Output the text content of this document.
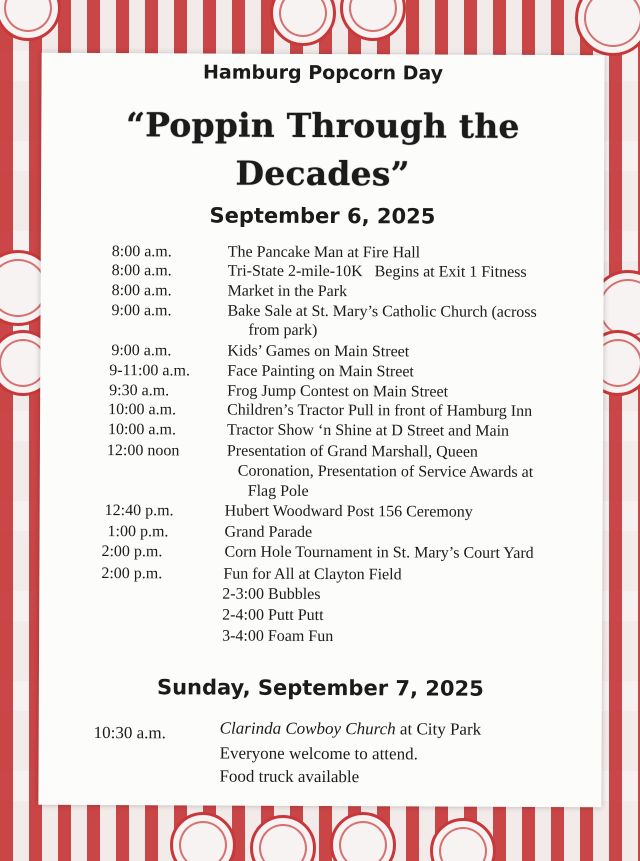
Hamburg Popcorn Day
“Poppin Through the
Decades”
September 6, 2025
8:00 a.m.	The Pancake Man at Fire Hall
8:00 a.m.	Tri-State 2-mile-10K   Begins at Exit 1 Fitness
8:00 a.m.	Market in the Park
9:00 a.m.	Bake Sale at St. Mary’s Catholic Church (across
from park)
9:00 a.m.	Kids’ Games on Main Street
9-11:00 a.m. Face Painting on Main Street
9:30 a.m.	Frog Jump Contest on Main Street
10:00 a.m.	Children’s Tractor Pull in front of Hamburg Inn
10:00 a.m.	Tractor Show ‘n Shine at D Street and Main
12:00 noon	Presentation of Grand Marshall, Queen
Coronation, Presentation of Service Awards at
Flag Pole
12:40 p.m.	Hubert Woodward Post 156 Ceremony
1:00 p.m.	Grand Parade
2:00 p.m.	Corn Hole Tournament in St. Mary’s Court Yard
2:00 p.m.	Fun for All at Clayton Field
2-3:00 Bubbles
2-4:00 Putt Putt
3-4:00 Foam Fun
Sunday, September 7, 2025
10:30 a.m.	Clarinda Cowboy Church at City Park
Everyone welcome to attend.
Food truck available
